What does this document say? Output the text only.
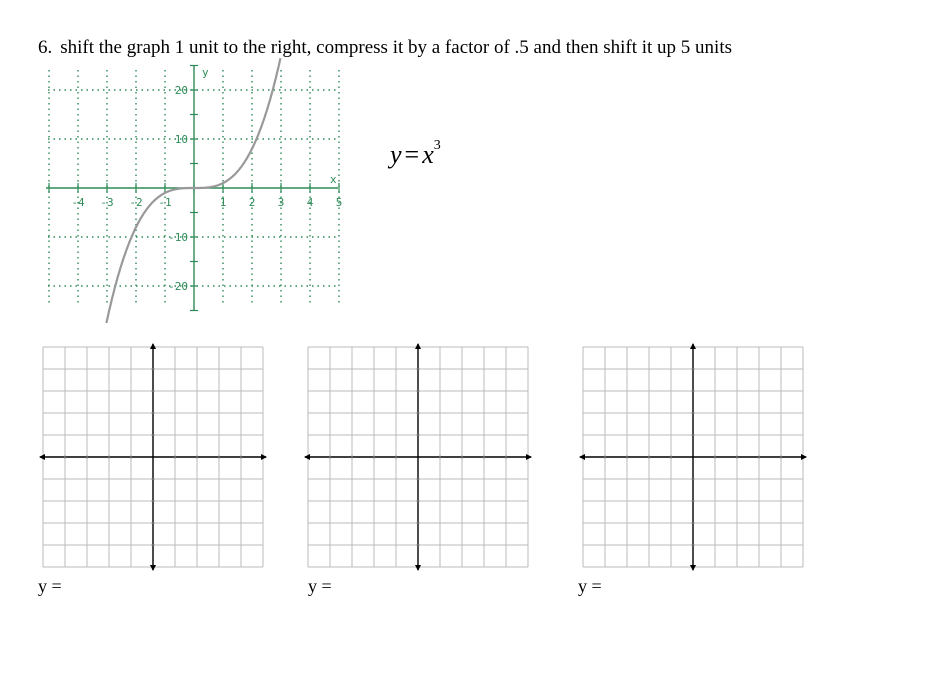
6. shift the graph 1 unit to the right, compress it by a factor of .5 and then shift it up 5 units
-4 -3 -2 -1	1 2 3 4 5
20
10
-10
-20
x
y
$y = x^3$
y =	y =	y =
